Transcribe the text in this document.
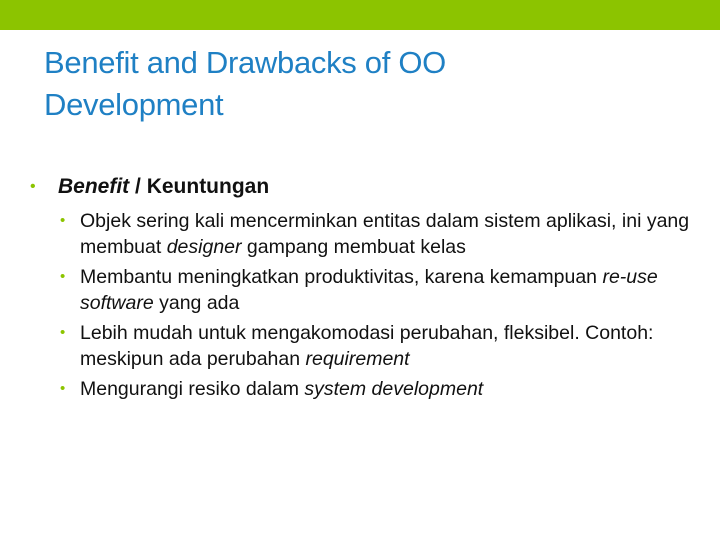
Benefit and Drawbacks of OO
Development
• Benefit / Keuntungan
• Objek sering kali mencerminkan entitas dalam sistem aplikasi, ini yang membuat designer gampang membuat kelas
• Membantu meningkatkan produktivitas, karena kemampuan re-use software yang ada
• Lebih mudah untuk mengakomodasi perubahan, fleksibel. Contoh: meskipun ada perubahan requirement
• Mengurangi resiko dalam system development
